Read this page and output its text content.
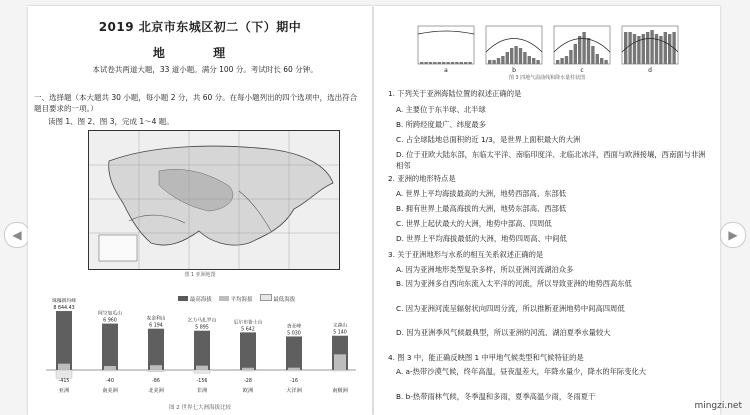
◀	▶
2019 北京市东城区初二（下）期中
地 理
本试卷共两道大题，33 道小题。满分 100 分。考试时长 60 分钟。
一、选择题（本大题共 30 小题，每小题 2 分，共 60 分。在每小题列出的四个选项中，选出符合题目要求的一项。）
读图 1、图 2、图 3，完成 1～4 题。
图 1 亚洲地图
最高海拔	平均海拔	最低海拔
珠穆朗玛峰
8 844.43
-415
亚洲
阿空加瓜山
6 960
-40
南美洲
麦金利山
6 194
-86
北美洲
乞力马扎罗山
5 895
-156
非洲
厄尔布鲁士山
5 642
-28
欧洲
查亚峰
5 030
-16
大洋洲
文森山
5 140
南极洲
图 2 世界七大洲海拔比较
a	b	c	d
图 3 四地气温曲线和降水量柱状图
1. 下列关于亚洲海陆位置的叙述正确的是
A. 主要位于东半球、北半球
B. 所跨经度最广、纬度最多
C. 占全球陆地总面积的近 1/3，是世界上面积最大的大洲
D. 位于亚欧大陆东部，东临太平洋、南临印度洋、北临北冰洋，西面与欧洲接壤，西南面与非洲相邻
2. 亚洲的地形特点是
A. 世界上平均海拔最高的大洲，地势西部高、东部低
B. 拥有世界上最高海拔的大洲，地势东部高、西部低
C. 世界上起伏最大的大洲，地势中部高、四周低
D. 世界上平均海拔最低的大洲，地势四周高、中间低
3. 关于亚洲地形与水系的相互关系叙述正确的是
A. 因为亚洲地形类型复杂多样，所以亚洲河流湖泊众多
B. 因为亚洲多自西向东流入太平洋的河流，所以导致亚洲的地势西高东低
C. 因为亚洲河流呈辐射状向四周分流，所以推断亚洲地势中间高四周低
D. 因为亚洲季风气候最典型，所以亚洲的河流、湖泊夏季水量较大
4. 图 3 中，能正确反映图 1 中甲地气候类型和气候特征的是
A. a-热带沙漠气候，终年高温，昼夜温差大，年降水量少，降水的年际变化大
B. b-热带雨林气候，冬季温和多雨，夏季高温少雨，冬雨夏干
mingzi.net
